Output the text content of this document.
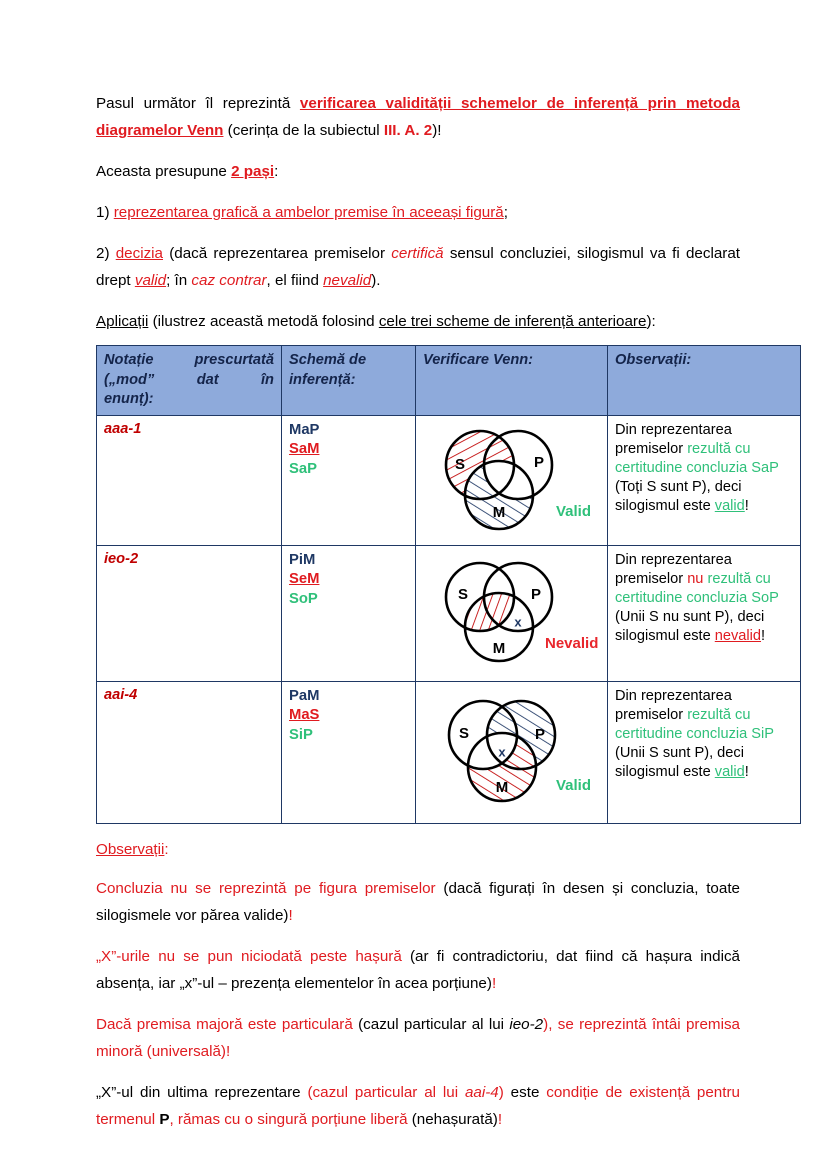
Pasul următor îl reprezintă verificarea validității schemelor de inferență prin metoda diagramelor Venn (cerința de la subiectul III. A. 2)!

Aceasta presupune 2 pași:

1) reprezentarea grafică a ambelor premise în aceeași figură;

2) decizia (dacă reprezentarea premiselor certifică sensul concluziei, silogismul va fi declarat drept valid; în caz contrar, el fiind nevalid).

Aplicații (ilustrez această metodă folosind cele trei scheme de inferență anterioare):

Notație prescurtată
(„mod” dat în
enunț):	Schemă de
inferență:	Verificare Venn:	Observații:
aaa-1	MaP
SaM
SaP	S P
M Valid	Din reprezentarea premiselor rezultă cu certitudine concluzia SaP (Toți S sunt P), deci silogismul este valid!
ieo-2	PiM
SeM
SoP	S P
M
x
Nevalid	Din reprezentarea premiselor nu rezultă cu certitudine concluzia SoP (Unii S nu sunt P), deci silogismul este nevalid!
aai-4	PaM
MaS
SiP	S P
M
x
Valid	Din reprezentarea premiselor rezultă cu certitudine concluzia SiP (Unii S sunt P), deci silogismul este valid!

Observații:

Concluzia nu se reprezintă pe figura premiselor (dacă figurați în desen și concluzia, toate silogismele vor părea valide)!

„X”-urile nu se pun niciodată peste hașură (ar fi contradictoriu, dat fiind că hașura indică absența, iar „x”-ul – prezența elementelor în acea porțiune)!

Dacă premisa majoră este particulară (cazul particular al lui ieo-2), se reprezintă întâi premisa minoră (universală)!

„X”-ul din ultima reprezentare (cazul particular al lui aai-4) este condiție de existență pentru termenul P, rămas cu o singură porțiune liberă (nehașurată)!
